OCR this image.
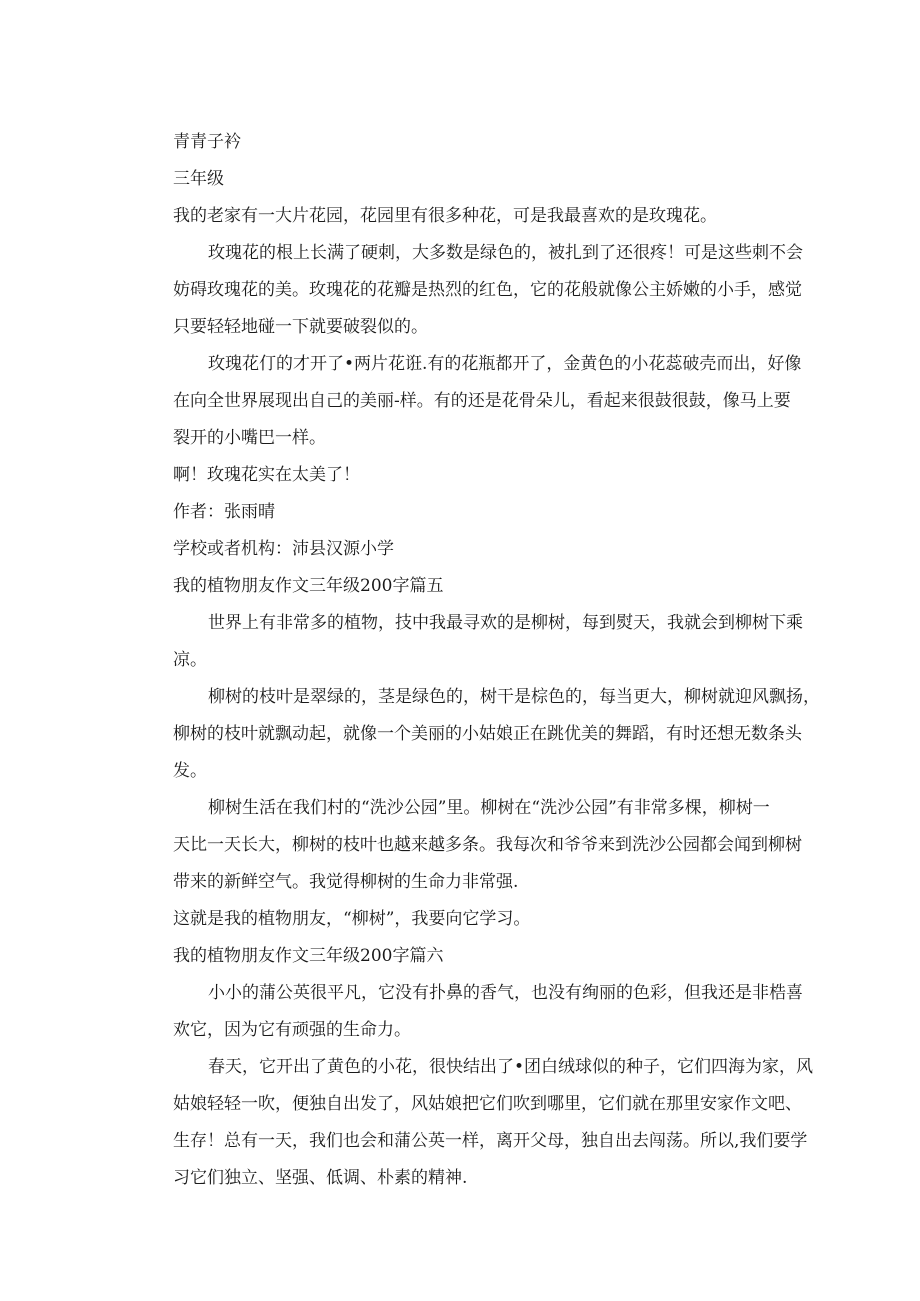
青青子衿

三年级

我的老家有一大片花园，花园里有很多种花，可是我最喜欢的是玫瑰花。

玫瑰花的根上长满了硬刺，大多数是绿色的，被扎到了还很疼！可是这些刺不会
妨碍玫瑰花的美。玫瑰花的花瓣是热烈的红色，它的花般就像公主娇嫩的小手，感觉
只要轻轻地碰一下就要破裂似的。
玫瑰花仃的才开了•两片花诳.有的花瓶都开了，金黄色的小花蕊破壳而出，好像
在向全世界展现出自己的美丽-样。有的还是花骨朵儿，看起来很鼓很鼓，像马上要
裂开的小嘴巴一样。

啊！玫瑰花实在太美了！

作者：张雨晴

学校或者机构：沛县汉源小学

我的植物朋友作文三年级200字篇五

世界上有非常多的植物，技中我最寻欢的是柳树，每到熨天，我就会到柳树下乘
凉。
柳树的枝叶是翠绿的，茎是绿色的，树干是棕色的，每当更大，柳树就迎风飘扬，
柳树的枝叶就飘动起，就像一个美丽的小姑娘正在跳优美的舞蹈，有时还想无数条头
发。
柳树生活在我们村的“洗沙公园”里。柳树在“洗沙公园”有非常多棵，柳树一
天比一天长大，柳树的枝叶也越来越多条。我每次和爷爷来到洗沙公园都会闻到柳树
带来的新鲜空气。我觉得柳树的生命力非常强.

这就是我的植物朋友，“柳树”，我要向它学习。

我的植物朋友作文三年级200字篇六

小小的蒲公英很平凡，它没有扑鼻的香气，也没有绚丽的色彩，但我还是非梏喜
欢它，因为它有顽强的生命力。
春天，它开出了黄色的小花，很快结出了•团白绒球似的种子，它们四海为家，风
姑娘轻轻一吹，便独自出发了，风姑娘把它们吹到哪里，它们就在那里安家作文吧、
生存！总有一天，我们也会和蒲公英一样，离开父母，独自出去闯荡。所以,我们要学
习它们独立、坚强、低调、朴素的精神.
